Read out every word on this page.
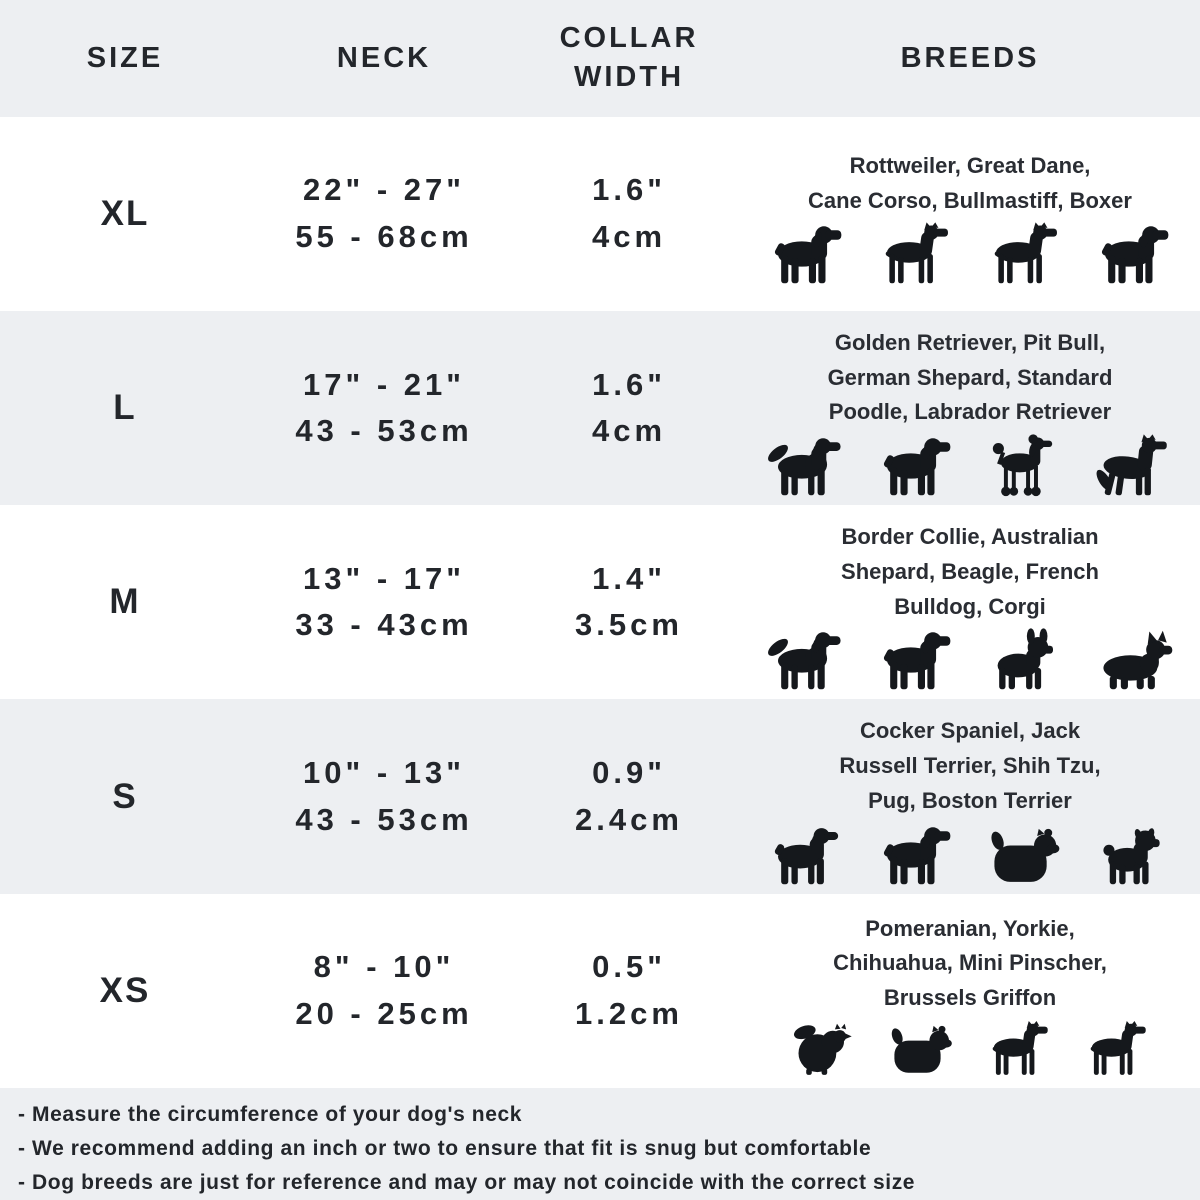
SIZE	NECK
COLLAR WIDTH
BREEDS
XL
22" - 27"
55 - 68cm
1.6"
4cm
Rottweiler, Great Dane,
Cane Corso, Bullmastiff, Boxer
L
17" - 21"
43 - 53cm
1.6"
4cm
Golden Retriever, Pit Bull,
German Shepard, Standard
Poodle, Labrador Retriever
M
13" - 17"
33 - 43cm
1.4"
3.5cm
Border Collie, Australian
Shepard, Beagle, French
Bulldog, Corgi
S
10" - 13"
43 - 53cm
0.9"
2.4cm
Cocker Spaniel, Jack
Russell Terrier, Shih Tzu,
Pug, Boston Terrier
XS
8" - 10"
20 - 25cm
0.5"
1.2cm
Pomeranian, Yorkie,
Chihuahua, Mini Pinscher,
Brussels Griffon
- Measure the circumference of your dog's neck
- We recommend adding an inch or two to ensure that fit is snug but comfortable
- Dog breeds are just for reference and may or may not coincide with the correct size
